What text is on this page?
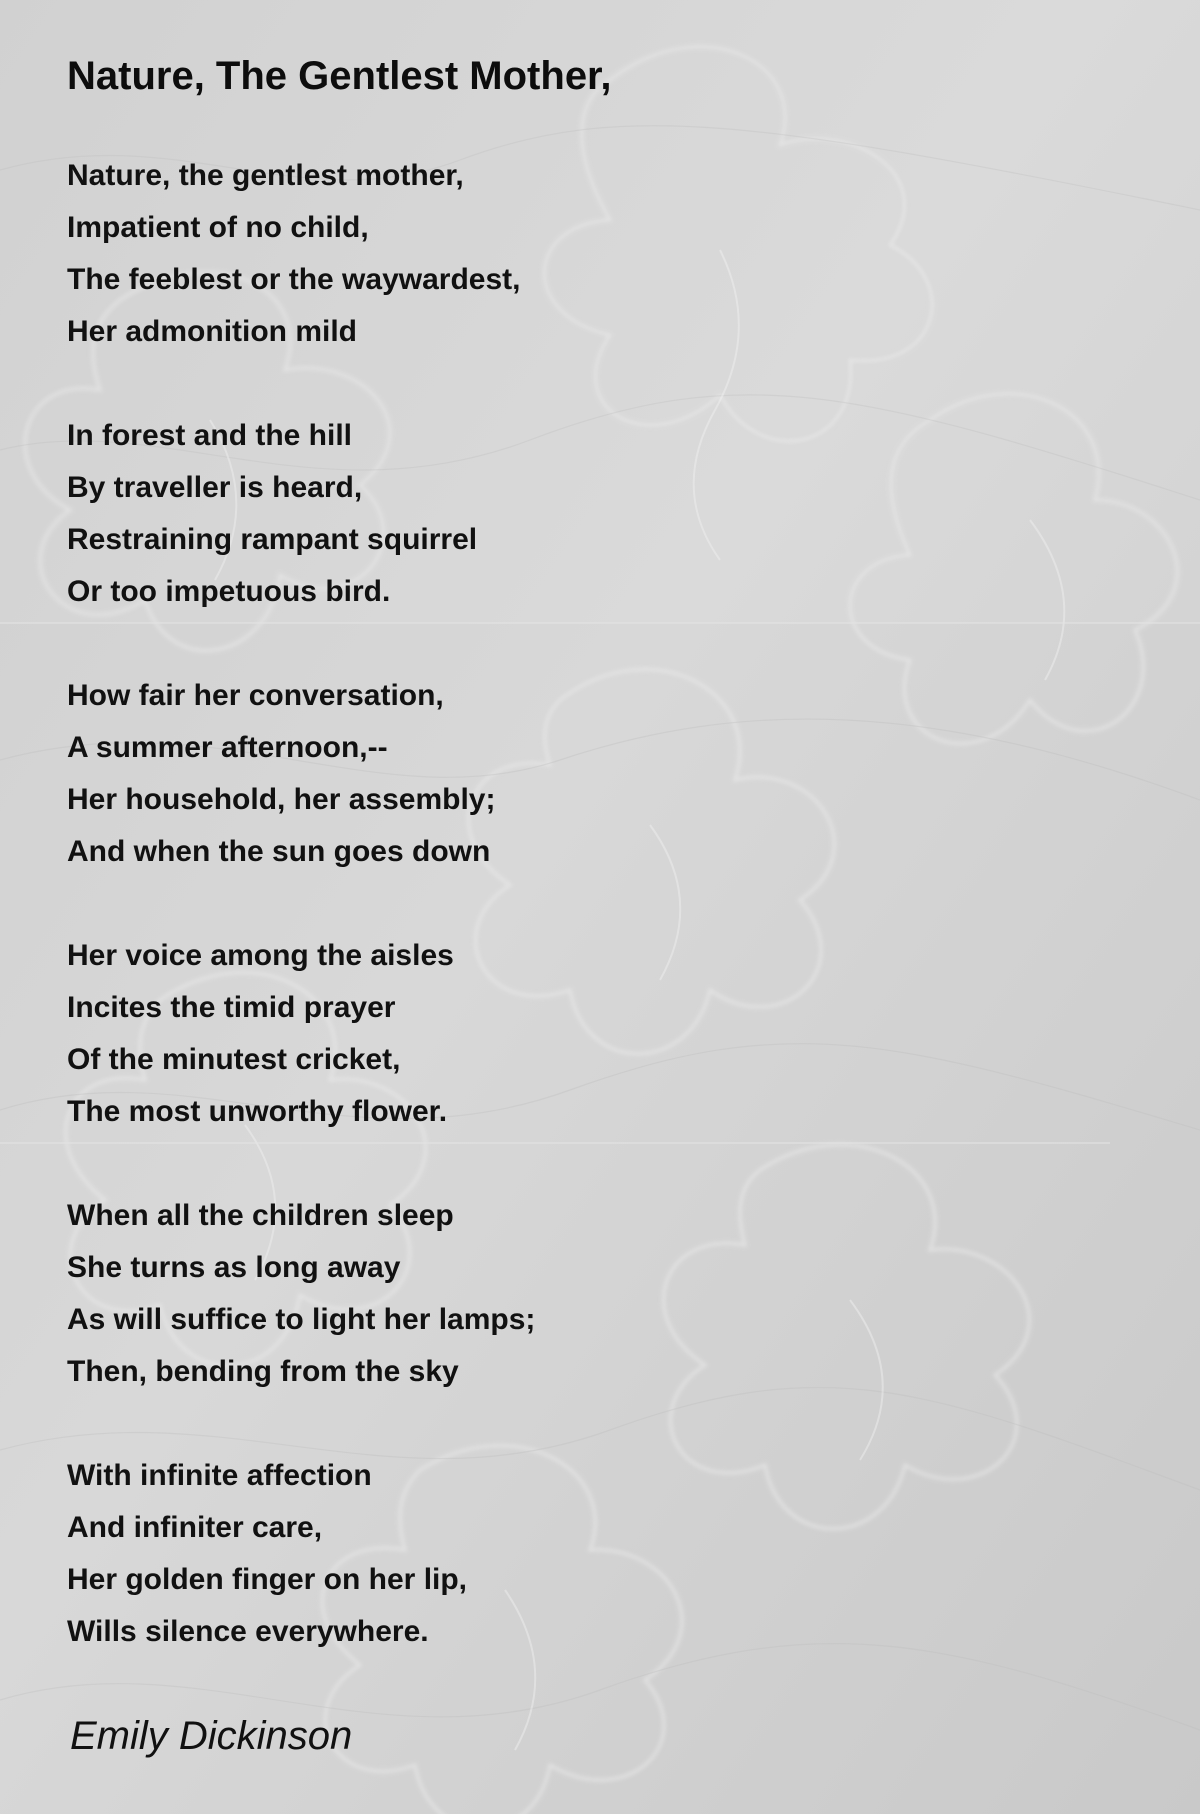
Nature, The Gentlest Mother,
Nature, the gentlest mother,
Impatient of no child,
The feeblest or the waywardest,
Her admonition mild
In forest and the hill
By traveller is heard,
Restraining rampant squirrel
Or too impetuous bird.
How fair her conversation,
A summer afternoon,--
Her household, her assembly;
And when the sun goes down
Her voice among the aisles
Incites the timid prayer
Of the minutest cricket,
The most unworthy flower.
When all the children sleep
She turns as long away
As will suffice to light her lamps;
Then, bending from the sky
With infinite affection
And infiniter care,
Her golden finger on her lip,
Wills silence everywhere.

Emily Dickinson
